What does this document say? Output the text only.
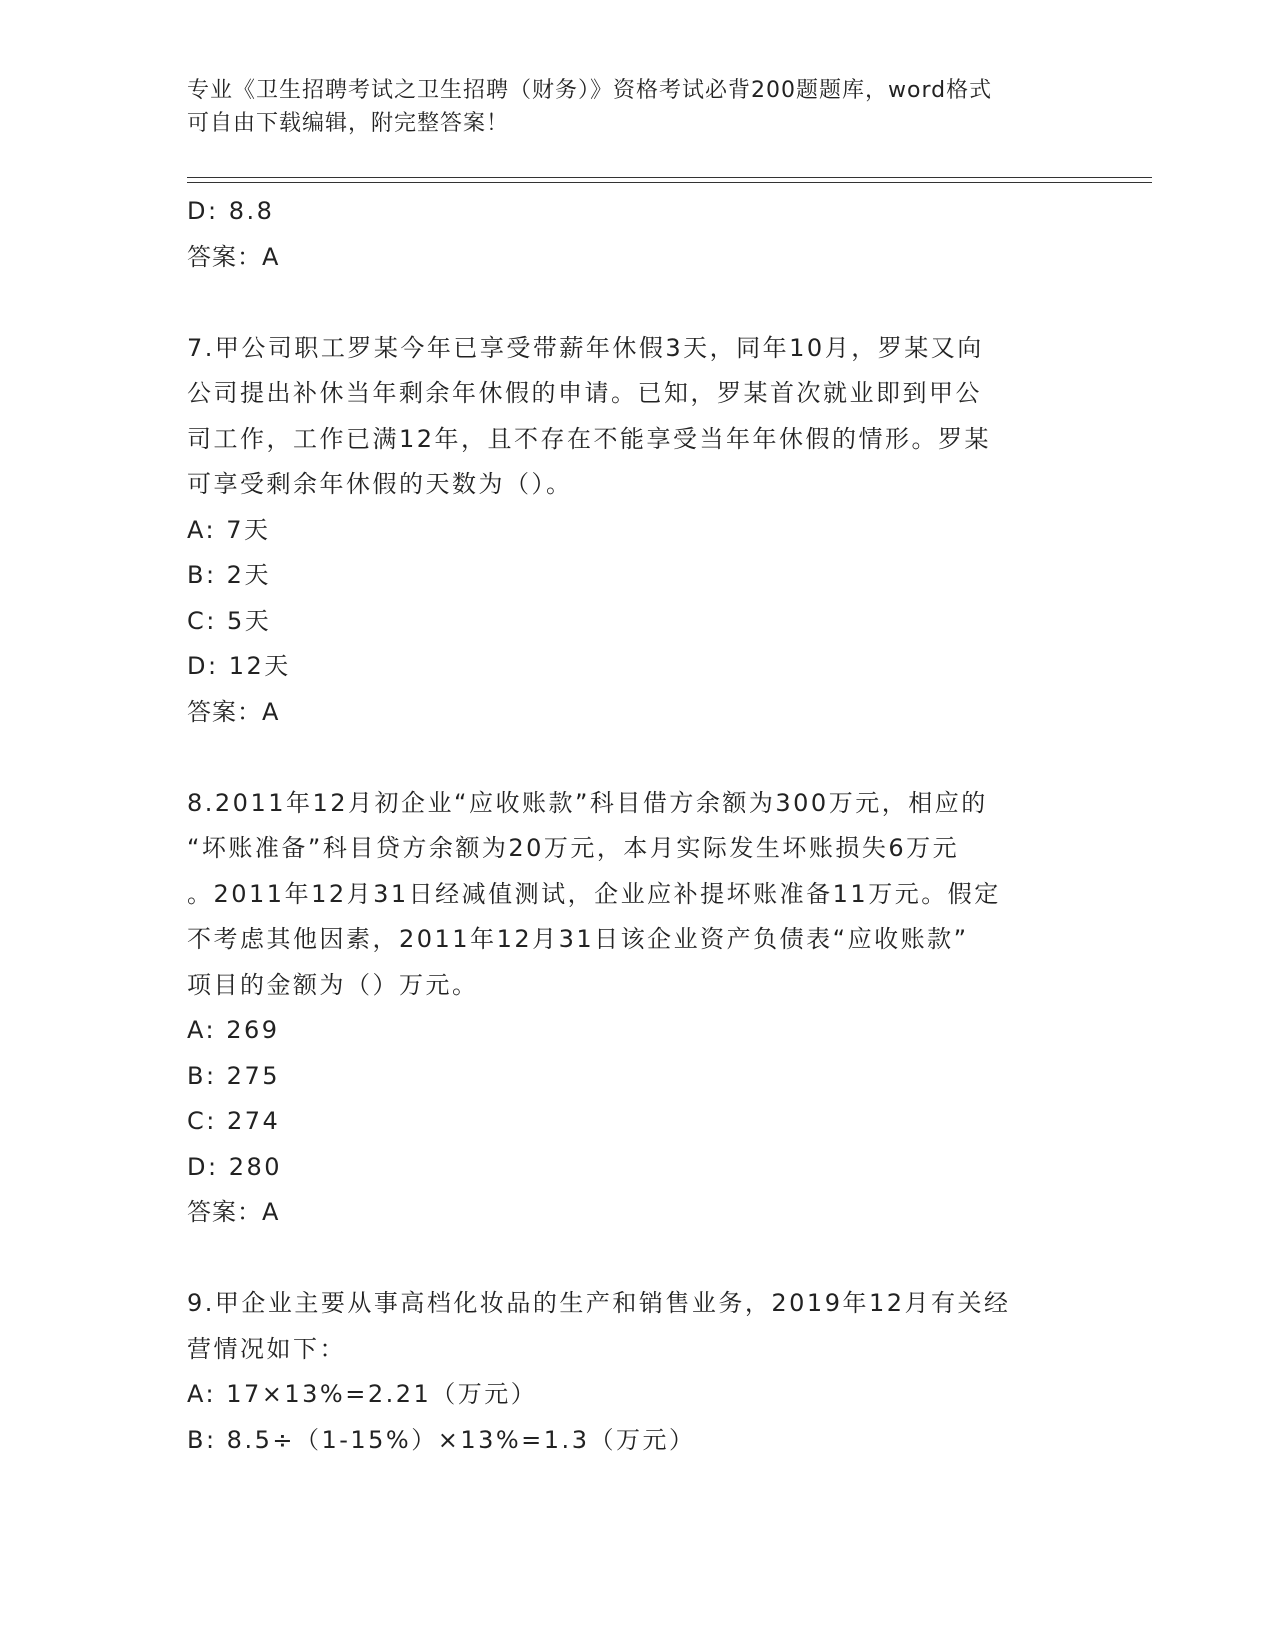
专业《卫生招聘考试之卫生招聘（财务）》资格考试必背200题题库，word格式
可自由下载编辑，附完整答案！
D: 8.8
答案：A
7.甲公司职工罗某今年已享受带薪年休假3天，同年10月，罗某又向
公司提出补休当年剩余年休假的申请。已知，罗某首次就业即到甲公
司工作，工作已满12年，且不存在不能享受当年年休假的情形。罗某
可享受剩余年休假的天数为（）。
A: 7天
B: 2天
C: 5天
D: 12天
答案：A
8.2011年12月初企业“应收账款”科目借方余额为300万元，相应的
“坏账准备”科目贷方余额为20万元，本月实际发生坏账损失6万元
。2011年12月31日经减值测试，企业应补提坏账准备11万元。假定
不考虑其他因素，2011年12月31日该企业资产负债表“应收账款”
项目的金额为（）万元。
A: 269
B: 275
C: 274
D: 280
答案：A
9.甲企业主要从事高档化妆品的生产和销售业务，2019年12月有关经
营情况如下：
A: 17×13%=2.21（万元）
B: 8.5÷（1-15%）×13%=1.3（万元）
